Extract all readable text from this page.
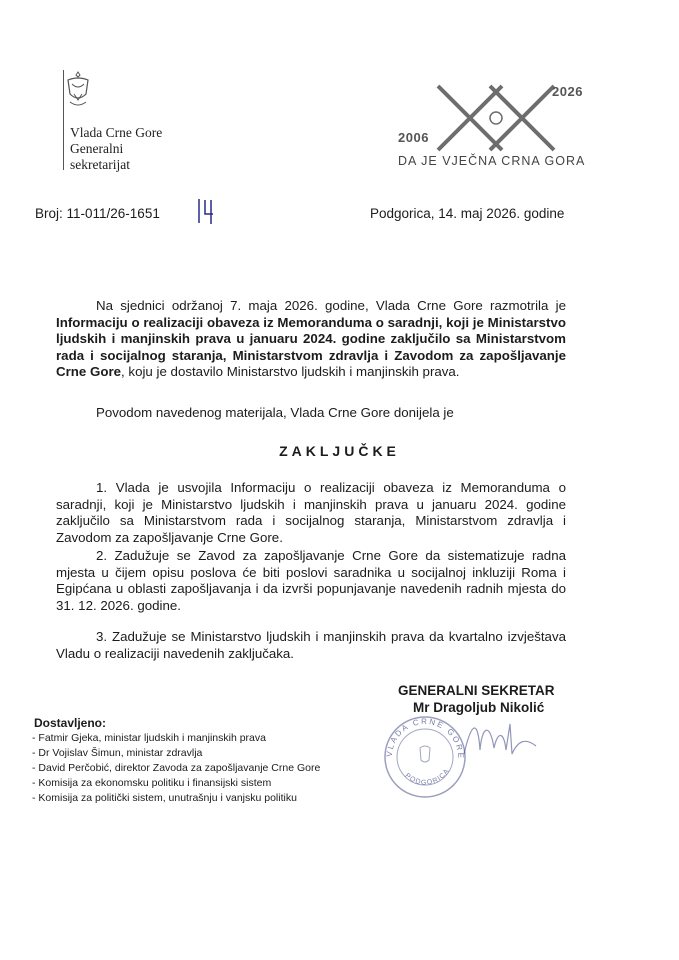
Vlada Crne Gore
Generalni
sekretarijat
2006
2026
DA JE VJEČNA CRNA GORA
Broj: 11-011/26-1651	Podgorica, 14. maj 2026. godine
Na sjednici održanoj 7. maja 2026. godine, Vlada Crne Gore razmotrila je Informaciju o realizaciji obaveza iz Memoranduma o saradnji, koji je Ministarstvo ljudskih i manjinskih prava u januaru 2024. godine zaključilo sa Ministarstvom rada i socijalnog staranja, Ministarstvom zdravlja i Zavodom za zapošljavanje Crne Gore, koju je dostavilo Ministarstvo ljudskih i manjinskih prava.
Povodom navedenog materijala, Vlada Crne Gore donijela je
ZAKLJUČKE
1. Vlada je usvojila Informaciju o realizaciji obaveza iz Memoranduma o saradnji, koji je Ministarstvo ljudskih i manjinskih prava u januaru 2024. godine zaključilo sa Ministarstvom rada i socijalnog staranja, Ministarstvom zdravlja i Zavodom za zapošljavanje Crne Gore.
2. Zadužuje se Zavod za zapošljavanje Crne Gore da sistematizuje radna mjesta u čijem opisu poslova će biti poslovi saradnika u socijalnoj inkluziji Roma i Egipćana u oblasti zapošljavanja i da izvrši popunjavanje navedenih radnih mjesta do 31. 12. 2026. godine.
3. Zadužuje se Ministarstvo ljudskih i manjinskih prava da kvartalno izvještava Vladu o realizaciji navedenih zaključaka.
GENERALNI SEKRETAR
Mr Dragoljub Nikolić
VLADA CRNE GORE
PODGORICA
Dostavljeno:
- Fatmir Gjeka, ministar ljudskih i manjinskih prava
- Dr Vojislav Šimun, ministar zdravlja
- David Perčobić, direktor Zavoda za zapošljavanje Crne Gore
- Komisija za ekonomsku politiku i finansijski sistem
- Komisija za politički sistem, unutrašnju i vanjsku politiku
